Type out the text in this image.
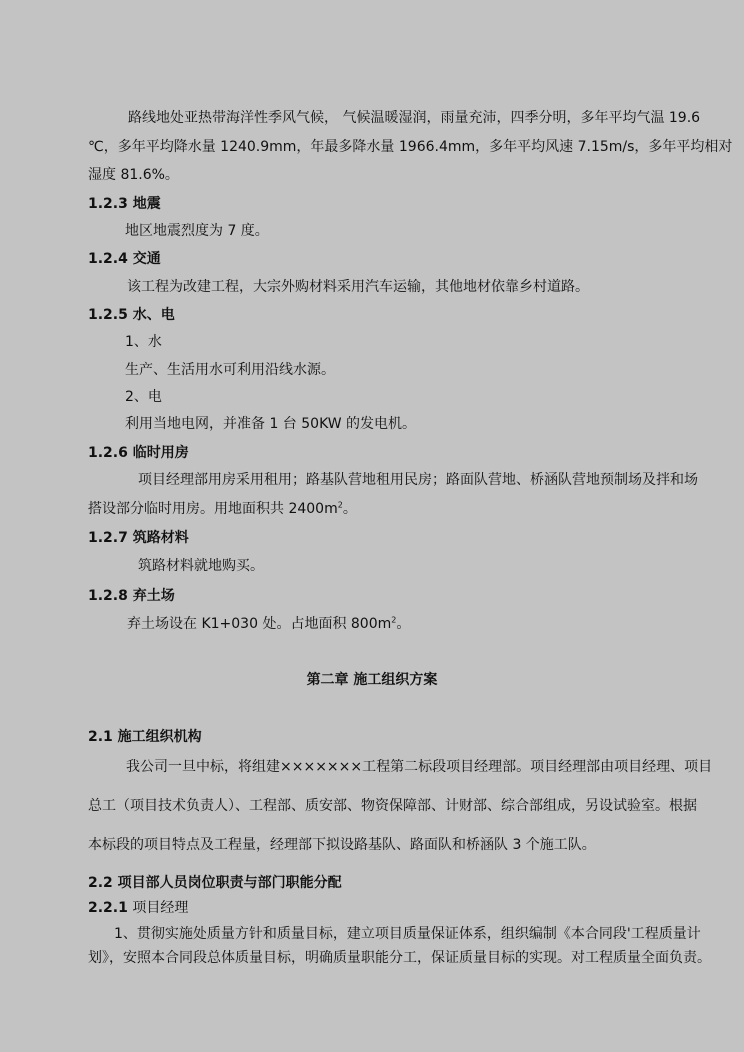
路线地处亚热带海洋性季风气候， 气候温暖湿润，雨量充沛，四季分明，多年平均气温 19.6
℃，多年平均降水量 1240.9mm，年最多降水量 1966.4mm，多年平均风速 7.15m/s，多年平均相对
湿度 81.6%。
1.2.3 地震
地区地震烈度为 7 度。
1.2.4 交通
该工程为改建工程，大宗外购材料采用汽车运输，其他地材依靠乡村道路。
1.2.5 水、电
1、水
生产、生活用水可利用沿线水源。
2、电
利用当地电网，并准备 1 台 50KW 的发电机。
1.2.6 临时用房
项目经理部用房采用租用；路基队营地租用民房；路面队营地、桥涵队营地预制场及拌和场
搭设部分临时用房。用地面积共 $2400m^2$。
1.2.7 筑路材料
筑路材料就地购买。
1.2.8 弃土场
弃土场设在 K1+030 处。占地面积 $800m^2$。
第二章 施工组织方案
2.1 施工组织机构
我公司一旦中标，将组建×××××××工程第二标段项目经理部。项目经理部由项目经理、项目
总工（项目技术负责人）、工程部、质安部、物资保障部、计财部、综合部组成，另设试验室。根据
本标段的项目特点及工程量，经理部下拟设路基队、路面队和桥涵队 3 个施工队。
2.2 项目部人员岗位职责与部门职能分配
2.2.1 项目经理
1、贯彻实施处质量方针和质量目标，建立项目质量保证体系，组织编制《本合同段'工程质量计
划》，安照本合同段总体质量目标，明确质量职能分工，保证质量目标的实现。对工程质量全面负责。
